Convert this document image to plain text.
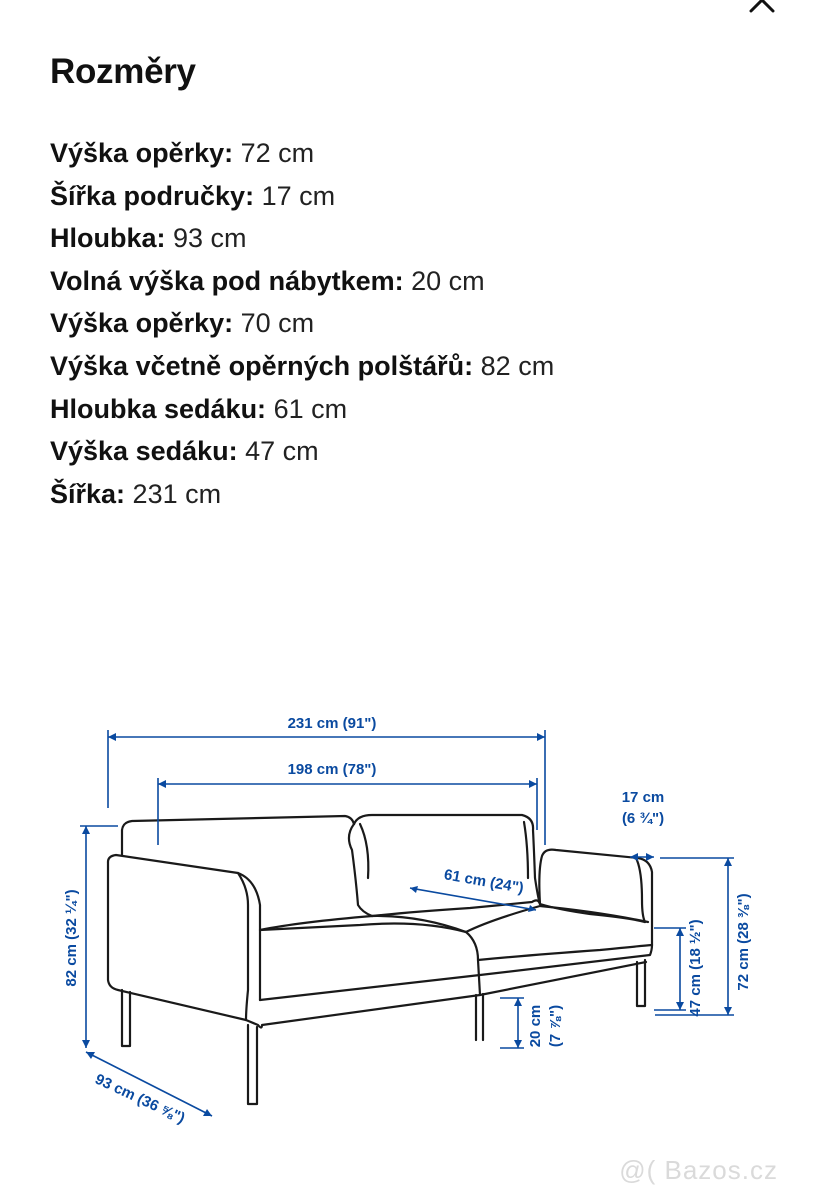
Rozměry
Výška opěrky: 72 cm
Šířka područky: 17 cm
Hloubka: 93 cm
Volná výška pod nábytkem: 20 cm
Výška opěrky: 70 cm
Výška včetně opěrných polštářů: 82 cm
Hloubka sedáku: 61 cm
Výška sedáku: 47 cm
Šířka: 231 cm
231 cm (91")
198 cm (78")
17 cm
(6 ¾")
61 cm (24")
82 cm (32 ¼")	72 cm (28 ⅜")
47 cm (18 ½")
20 cm (7 ⅞")
93 cm (36 ⅝")
@( Bazos.cz
